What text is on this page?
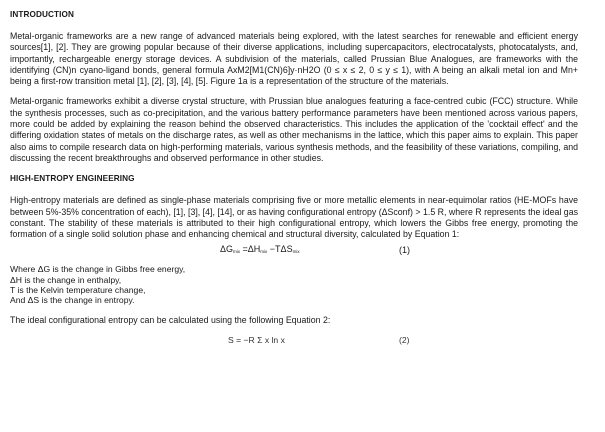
INTRODUCTION

Metal-organic frameworks are a new range of advanced materials being explored, with the latest searches for renewable and efficient energy sources[1], [2]. They are growing popular because of their diverse applications, including supercapacitors, electrocatalysts, photocatalysts, and, importantly, rechargeable energy storage devices. A subdivision of the materials, called Prussian Blue Analogues, are frameworks with the identifying (CN)n cyano-ligand bonds, general formula AxM2[M1(CN)6]y·nH2O (0 ≤ x ≤ 2, 0 ≤ y ≤ 1), with A being an alkali metal ion and Mn+ being a first-row transition metal [1], [2], [3], [4], [5]. Figure 1a is a representation of the structure of the materials.

Metal-organic frameworks exhibit a diverse crystal structure, with Prussian blue analogues featuring a face-centred cubic (FCC) structure. While the synthesis processes, such as co-precipitation, and the various battery performance parameters have been mentioned across various papers, more could be added by explaining the reason behind the observed characteristics. This includes the application of the 'cocktail effect' and the differing oxidation states of metals on the discharge rates, as well as other mechanisms in the lattice, which this paper aims to explain. This paper also aims to compile research data on high-performing materials, various synthesis methods, and the feasibility of these variations, compiling, and discussing the recent breakthroughs and observed performance in other studies.

HIGH-ENTROPY ENGINEERING

High-entropy materials are defined as single-phase materials comprising five or more metallic elements in near-equimolar ratios (HE-MOFs have between 5%-35% concentration of each), [1], [3], [4], [14], or as having configurational entropy (ΔSconf) > 1.5 R, where R represents the ideal gas constant. The stability of these materials is attributed to their high configurational entropy, which lowers the Gibbs free energy, promoting the formation of a single solid solution phase and enhancing chemical and structural diversity, calculated by Equation 1:

$\Delta G_{mix} =\Delta H_{mix} -T\Delta S_{mix}$	(1)
Where ΔG is the change in Gibbs free energy,
ΔH is the change in enthalpy,
T is the Kelvin temperature change,
And ΔS is the change in entropy.

The ideal configurational entropy can be calculated using the following Equation 2:

S = −R Σ x ln x	(2)
